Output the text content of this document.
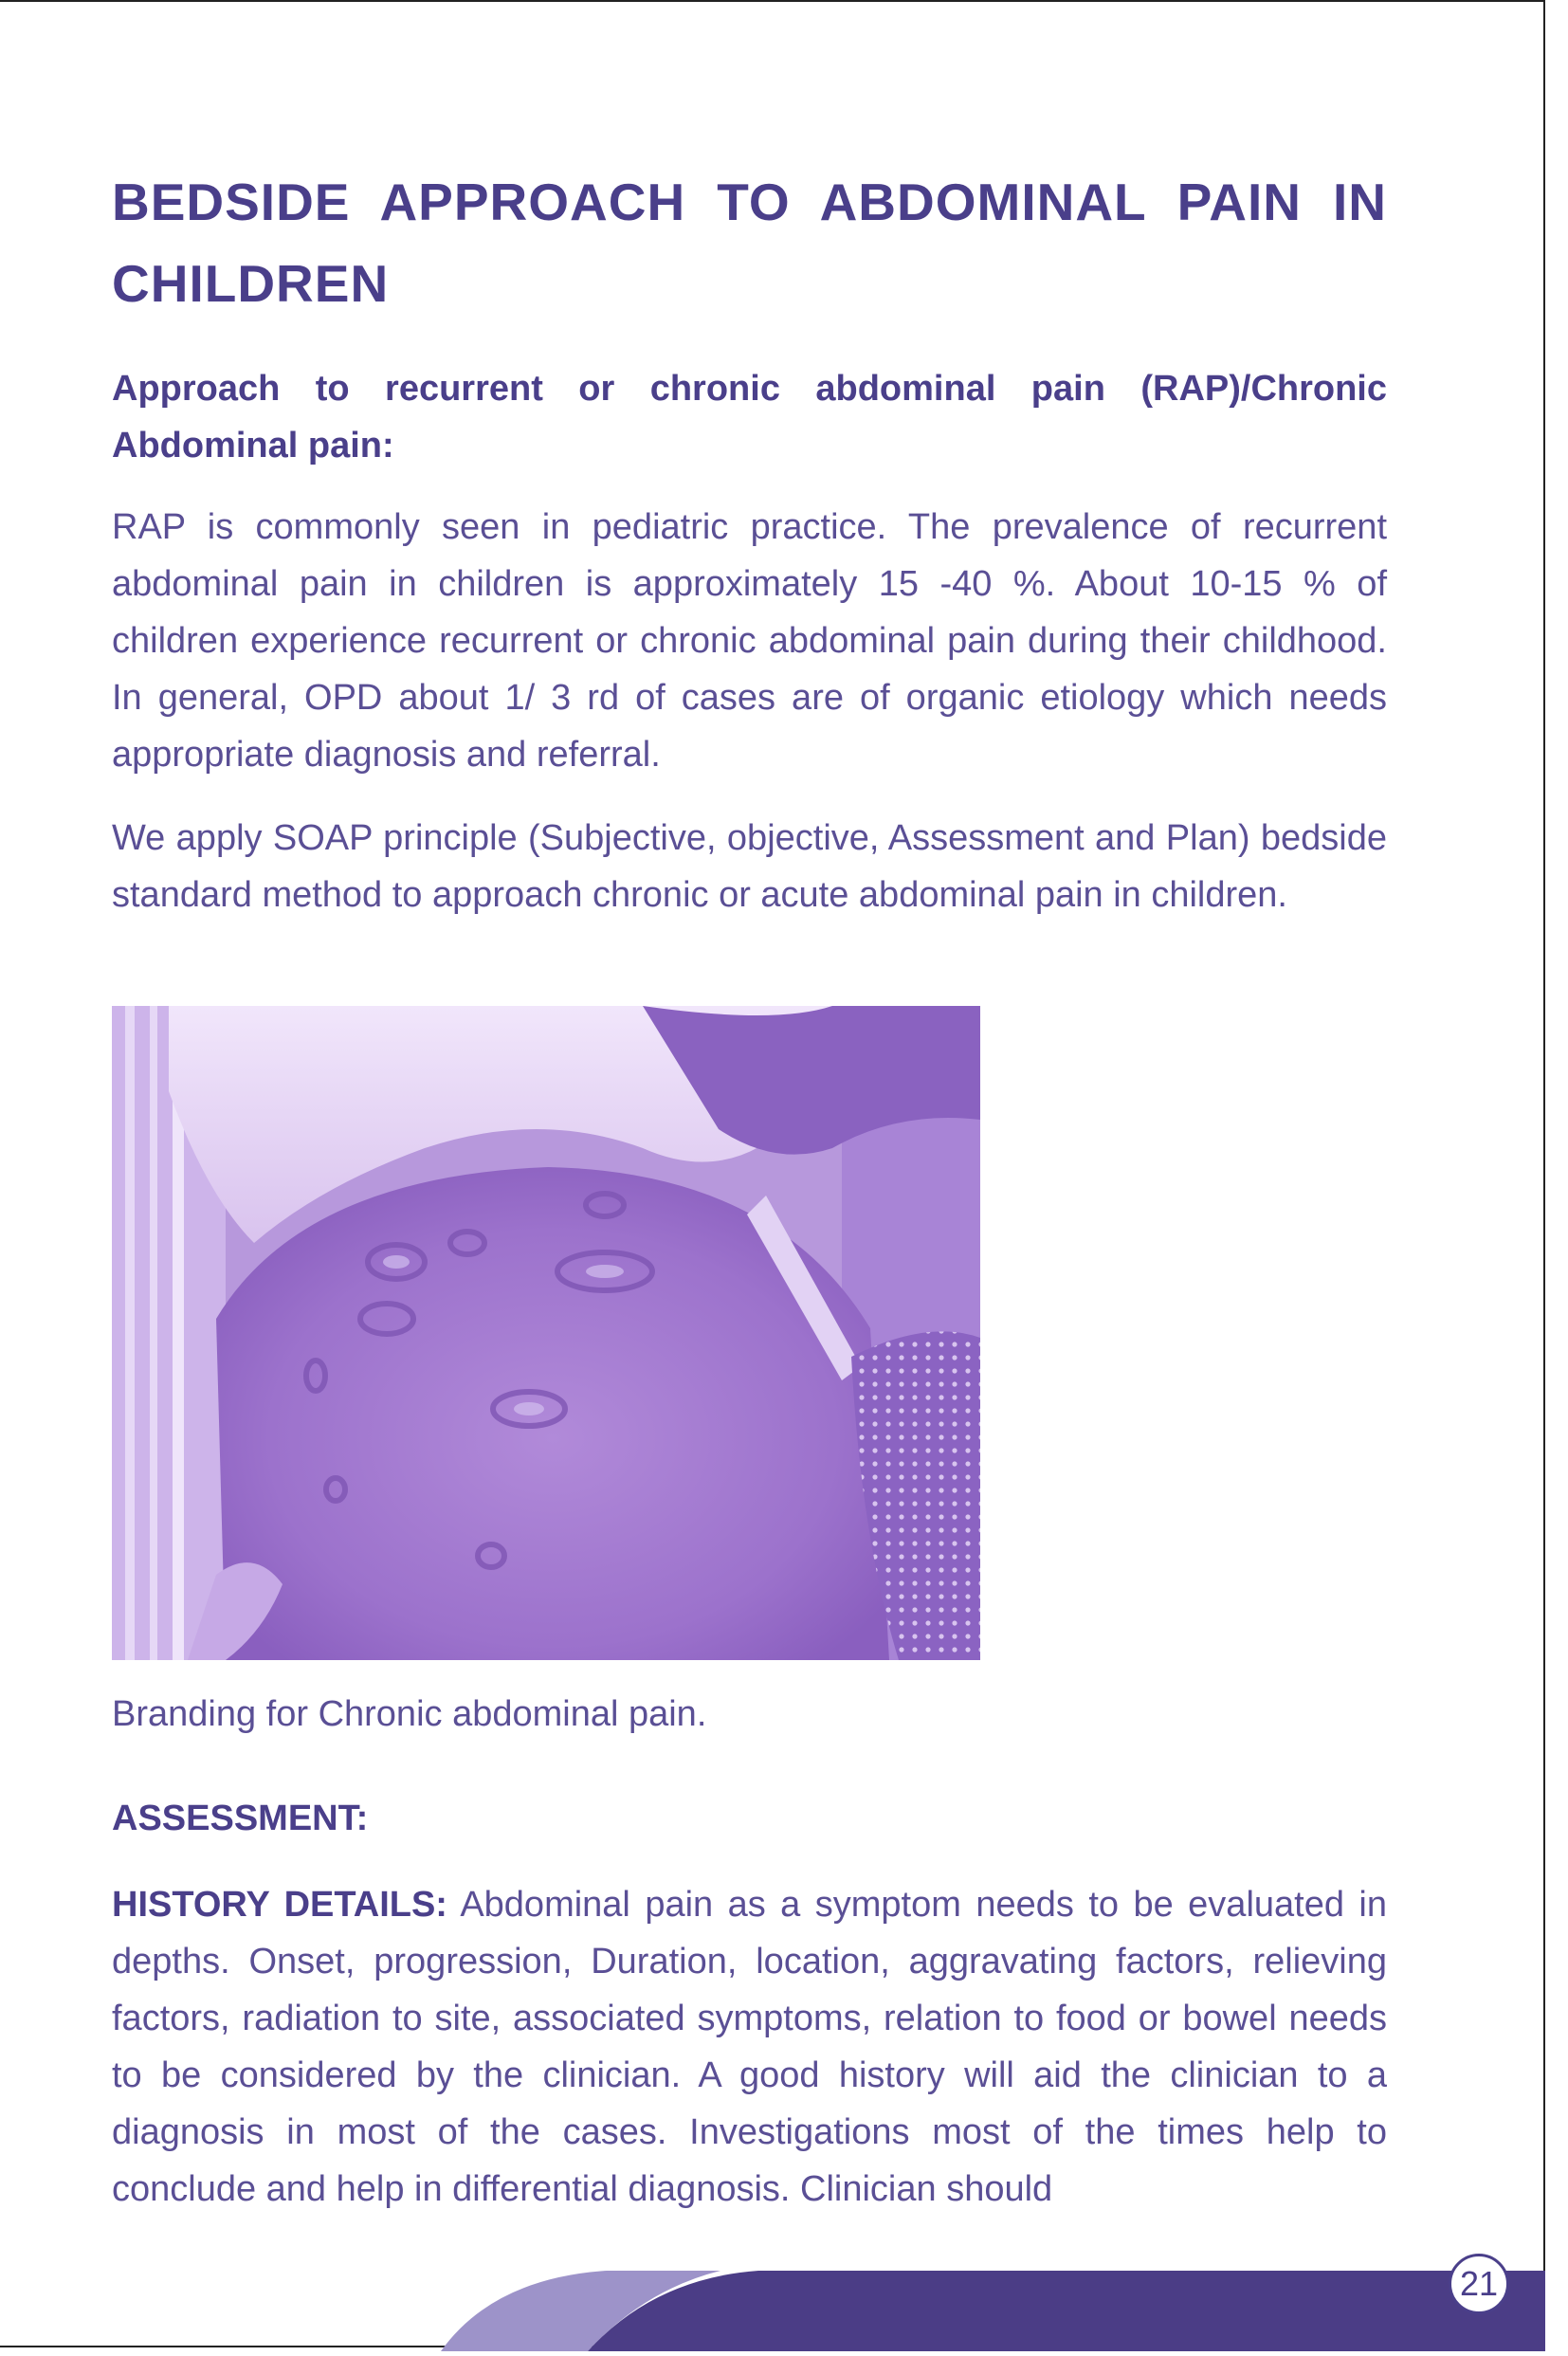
BEDSIDE APPROACH TO ABDOMINAL PAIN IN CHILDREN
Approach to recurrent or chronic abdominal pain (RAP)/Chronic Abdominal pain:

RAP is commonly seen in pediatric practice. The prevalence of recurrent abdominal pain in children is approximately 15 -40 %. About 10-15 % of children experience recurrent or chronic abdominal pain during their childhood. In general, OPD about 1/ 3 rd of cases are of organic etiology which needs appropriate diagnosis and referral.

We apply SOAP principle (Subjective, objective, Assessment and Plan) bedside standard method to approach chronic or acute abdominal pain in children.

Branding for Chronic abdominal pain.
ASSESSMENT:

HISTORY DETAILS: Abdominal pain as a symptom needs to be evaluated in depths. Onset, progression, Duration, location, aggravating factors, relieving factors, radiation to site, associated symptoms, relation to food or bowel needs to be considered by the clinician. A good history will aid the clinician to a diagnosis in most of the cases. Investigations most of the times help to conclude and help in differential diagnosis. Clinician should

21
